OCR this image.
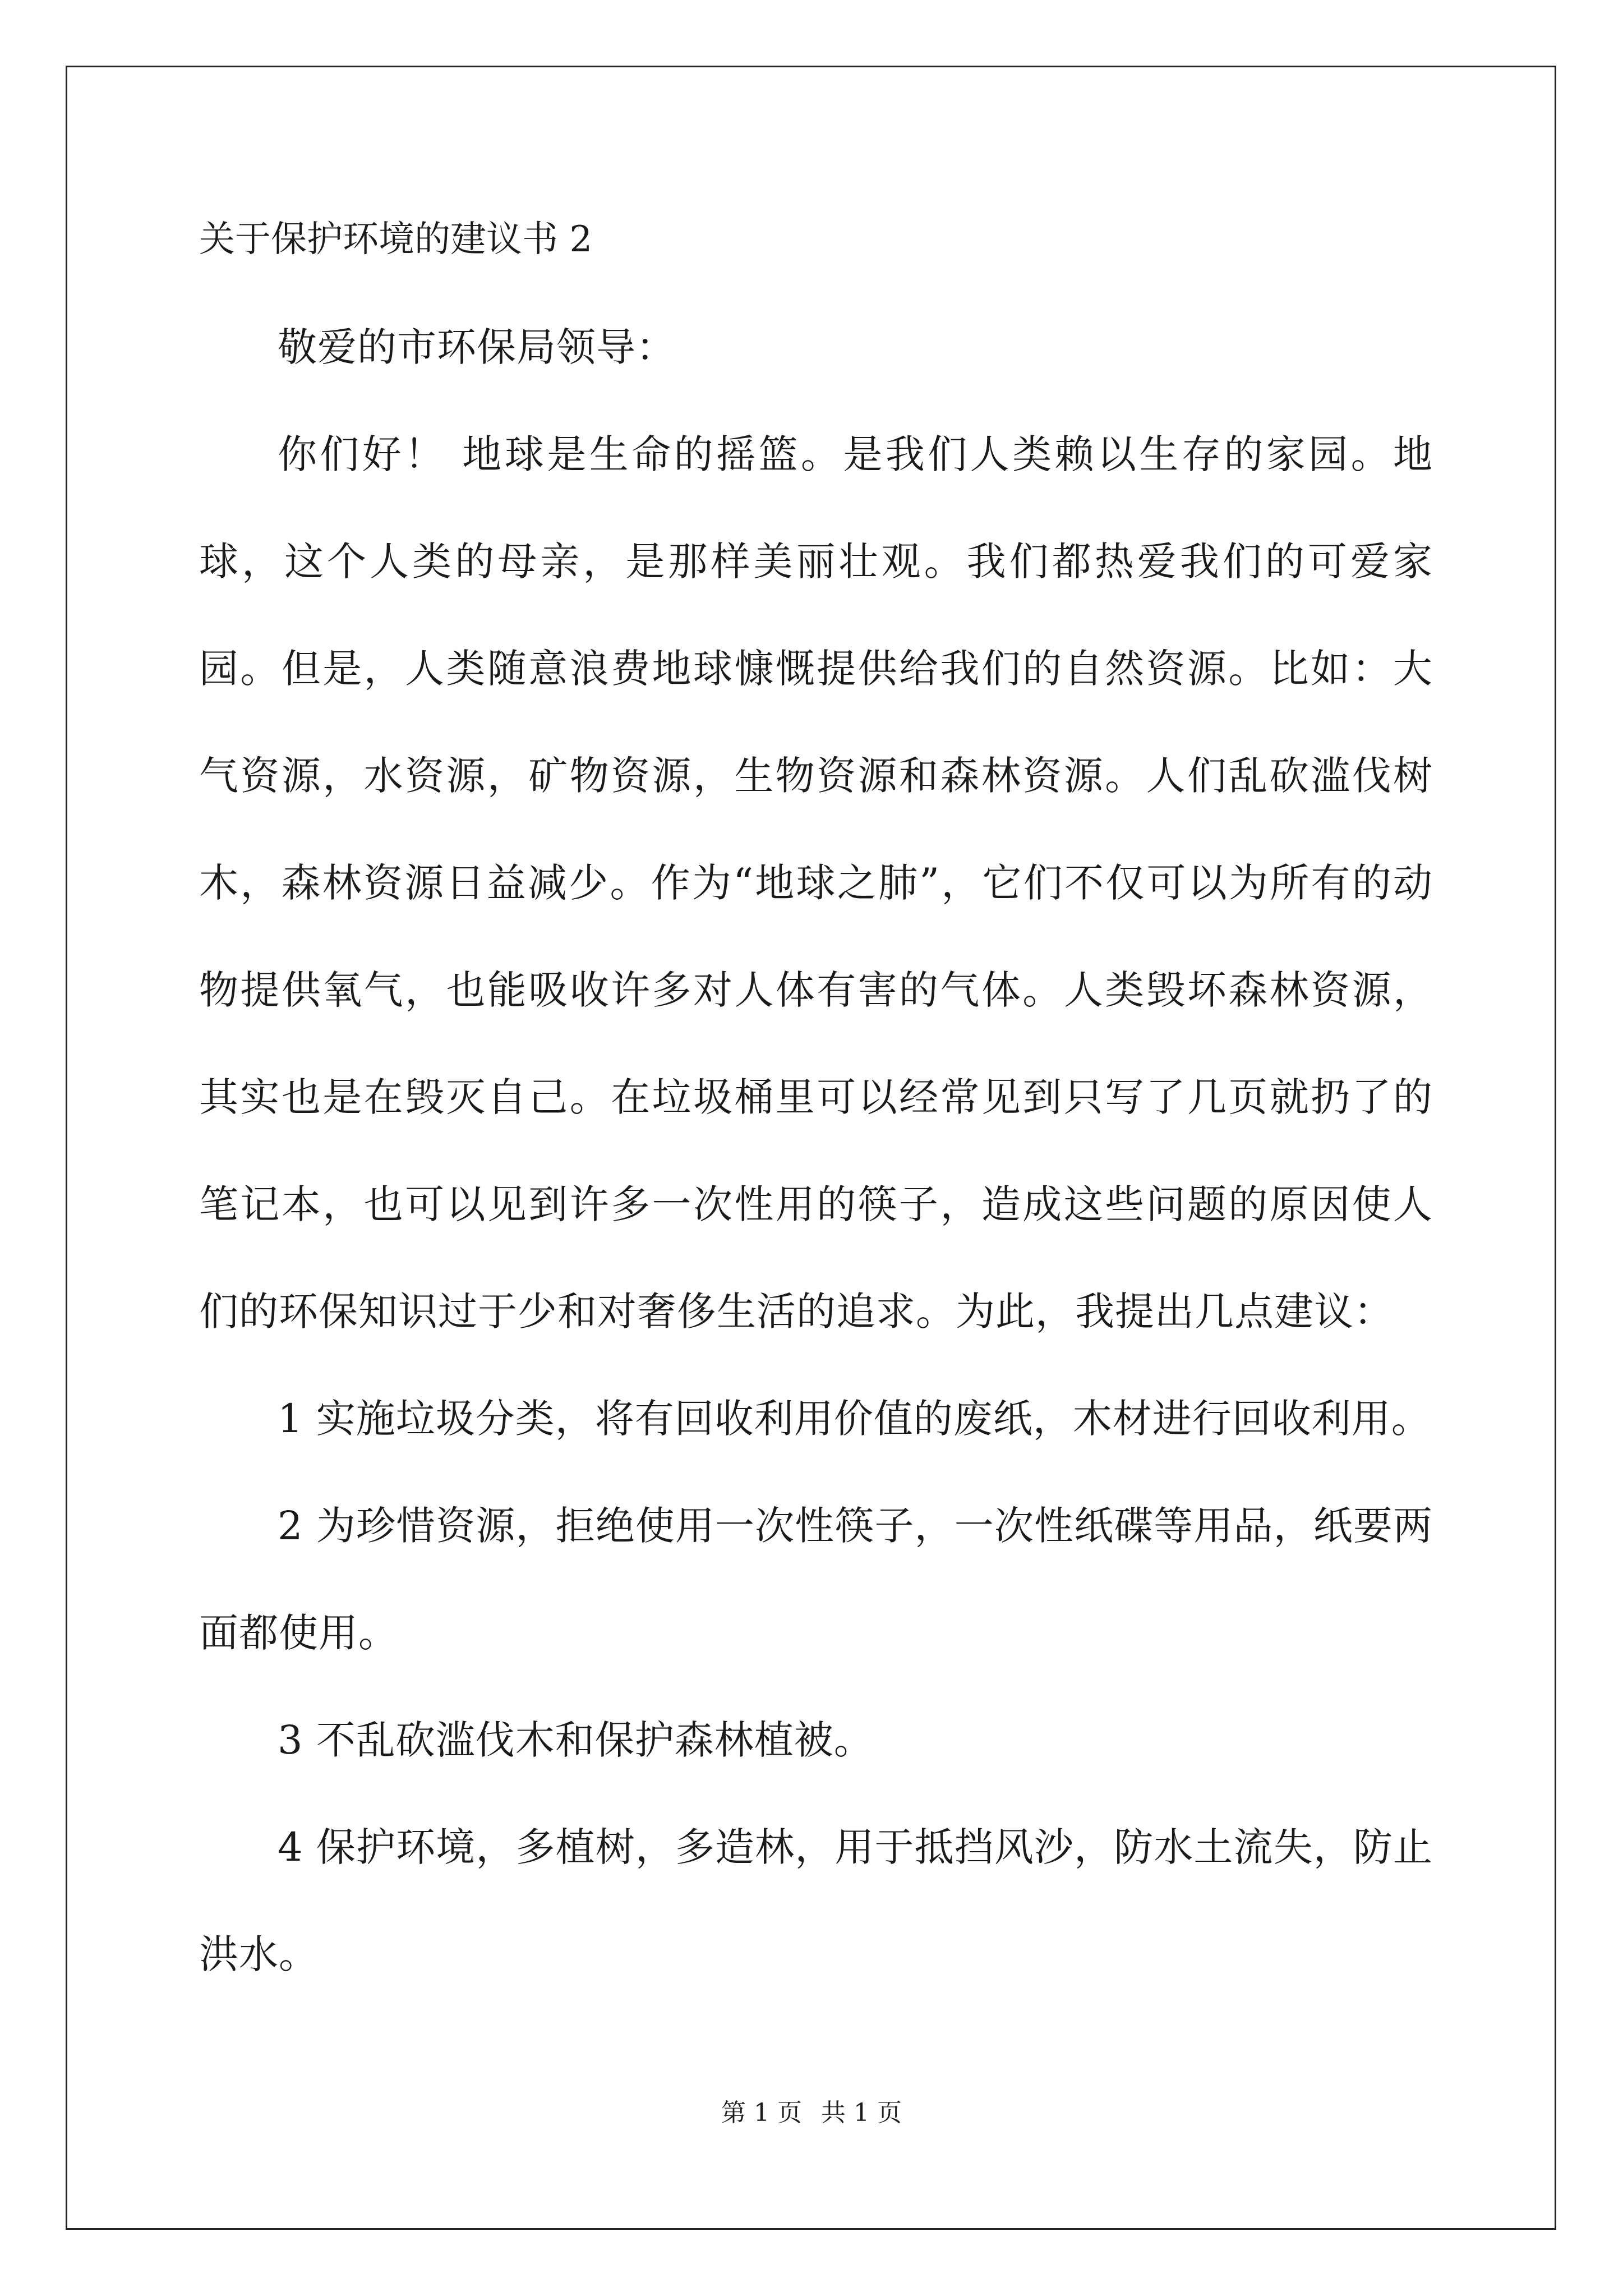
关于保护环境的建议书 2

敬爱的市环保局领导：

你们好！ 地球是生命的摇篮。是我们人类赖以生存的家园。地球，这个人类的母亲，是那样美丽壮观。我们都热爱我们的可爱家园。但是，人类随意浪费地球慷慨提供给我们的自然资源。比如：大气资源，水资源，矿物资源，生物资源和森林资源。人们乱砍滥伐树木，森林资源日益减少。作为“地球之肺”，它们不仅可以为所有的动物提供氧气，也能吸收许多对人体有害的气体。人类毁坏森林资源，其实也是在毁灭自己。在垃圾桶里可以经常见到只写了几页就扔了的笔记本，也可以见到许多一次性用的筷子，造成这些问题的原因使人们的环保知识过于少和对奢侈生活的追求。为此，我提出几点建议：

1 实施垃圾分类，将有回收利用价值的废纸，木材进行回收利用。

2 为珍惜资源，拒绝使用一次性筷子，一次性纸碟等用品，纸要两面都使用。

3 不乱砍滥伐木和保护森林植被。

4 保护环境，多植树，多造林，用于抵挡风沙，防水土流失，防止洪水。

第 1 页 共 1 页
